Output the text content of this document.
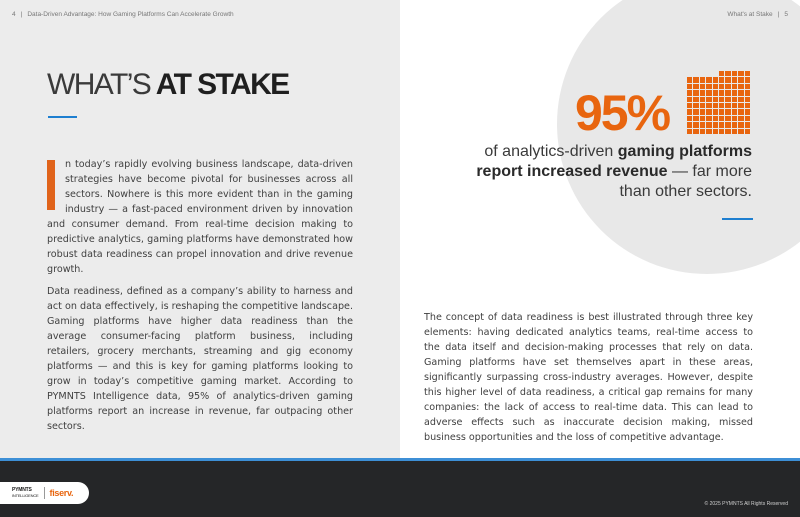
4 | Data-Driven Advantage: How Gaming Platforms Can Accelerate Growth	What's at Stake | 5
WHAT’S AT STAKE

n today’s rapidly evolving business landscape, data-driven strategies have become pivotal for businesses across all sectors. Nowhere is this more evident than in the gaming industry — a fast-paced environment driven by innovation and consumer demand. From real-time decision making to predictive analytics, gaming platforms have demonstrated how robust data readiness can propel innovation and drive revenue growth.

Data readiness, defined as a company’s ability to harness and act on data effectively, is reshaping the competitive landscape. Gaming platforms have higher data readiness than the average consumer-facing platform business, including retailers, grocery merchants, streaming and gig economy platforms — and this is key for gaming platforms looking to grow in today’s competitive gaming market. According to PYMNTS Intelligence data, 95% of analytics-driven gaming platforms report an increase in revenue, far outpacing other sectors.

95%
of analytics-driven gaming platforms report increased revenue — far more than other sectors.

The concept of data readiness is best illustrated through three key elements: having dedicated analytics teams, real-time access to the data itself and decision-making processes that rely on data. Gaming platforms have set themselves apart in these areas, significantly surpassing cross-industry averages. However, despite this higher level of data readiness, a critical gap remains for many companies: the lack of access to real-time data. This can lead to adverse effects such as inaccurate decision making, missed business opportunities and the loss of competitive advantage.

PYMNTS
INTELLIGENCE fiserv.
© 2025 PYMNTS All Rights Reserved
